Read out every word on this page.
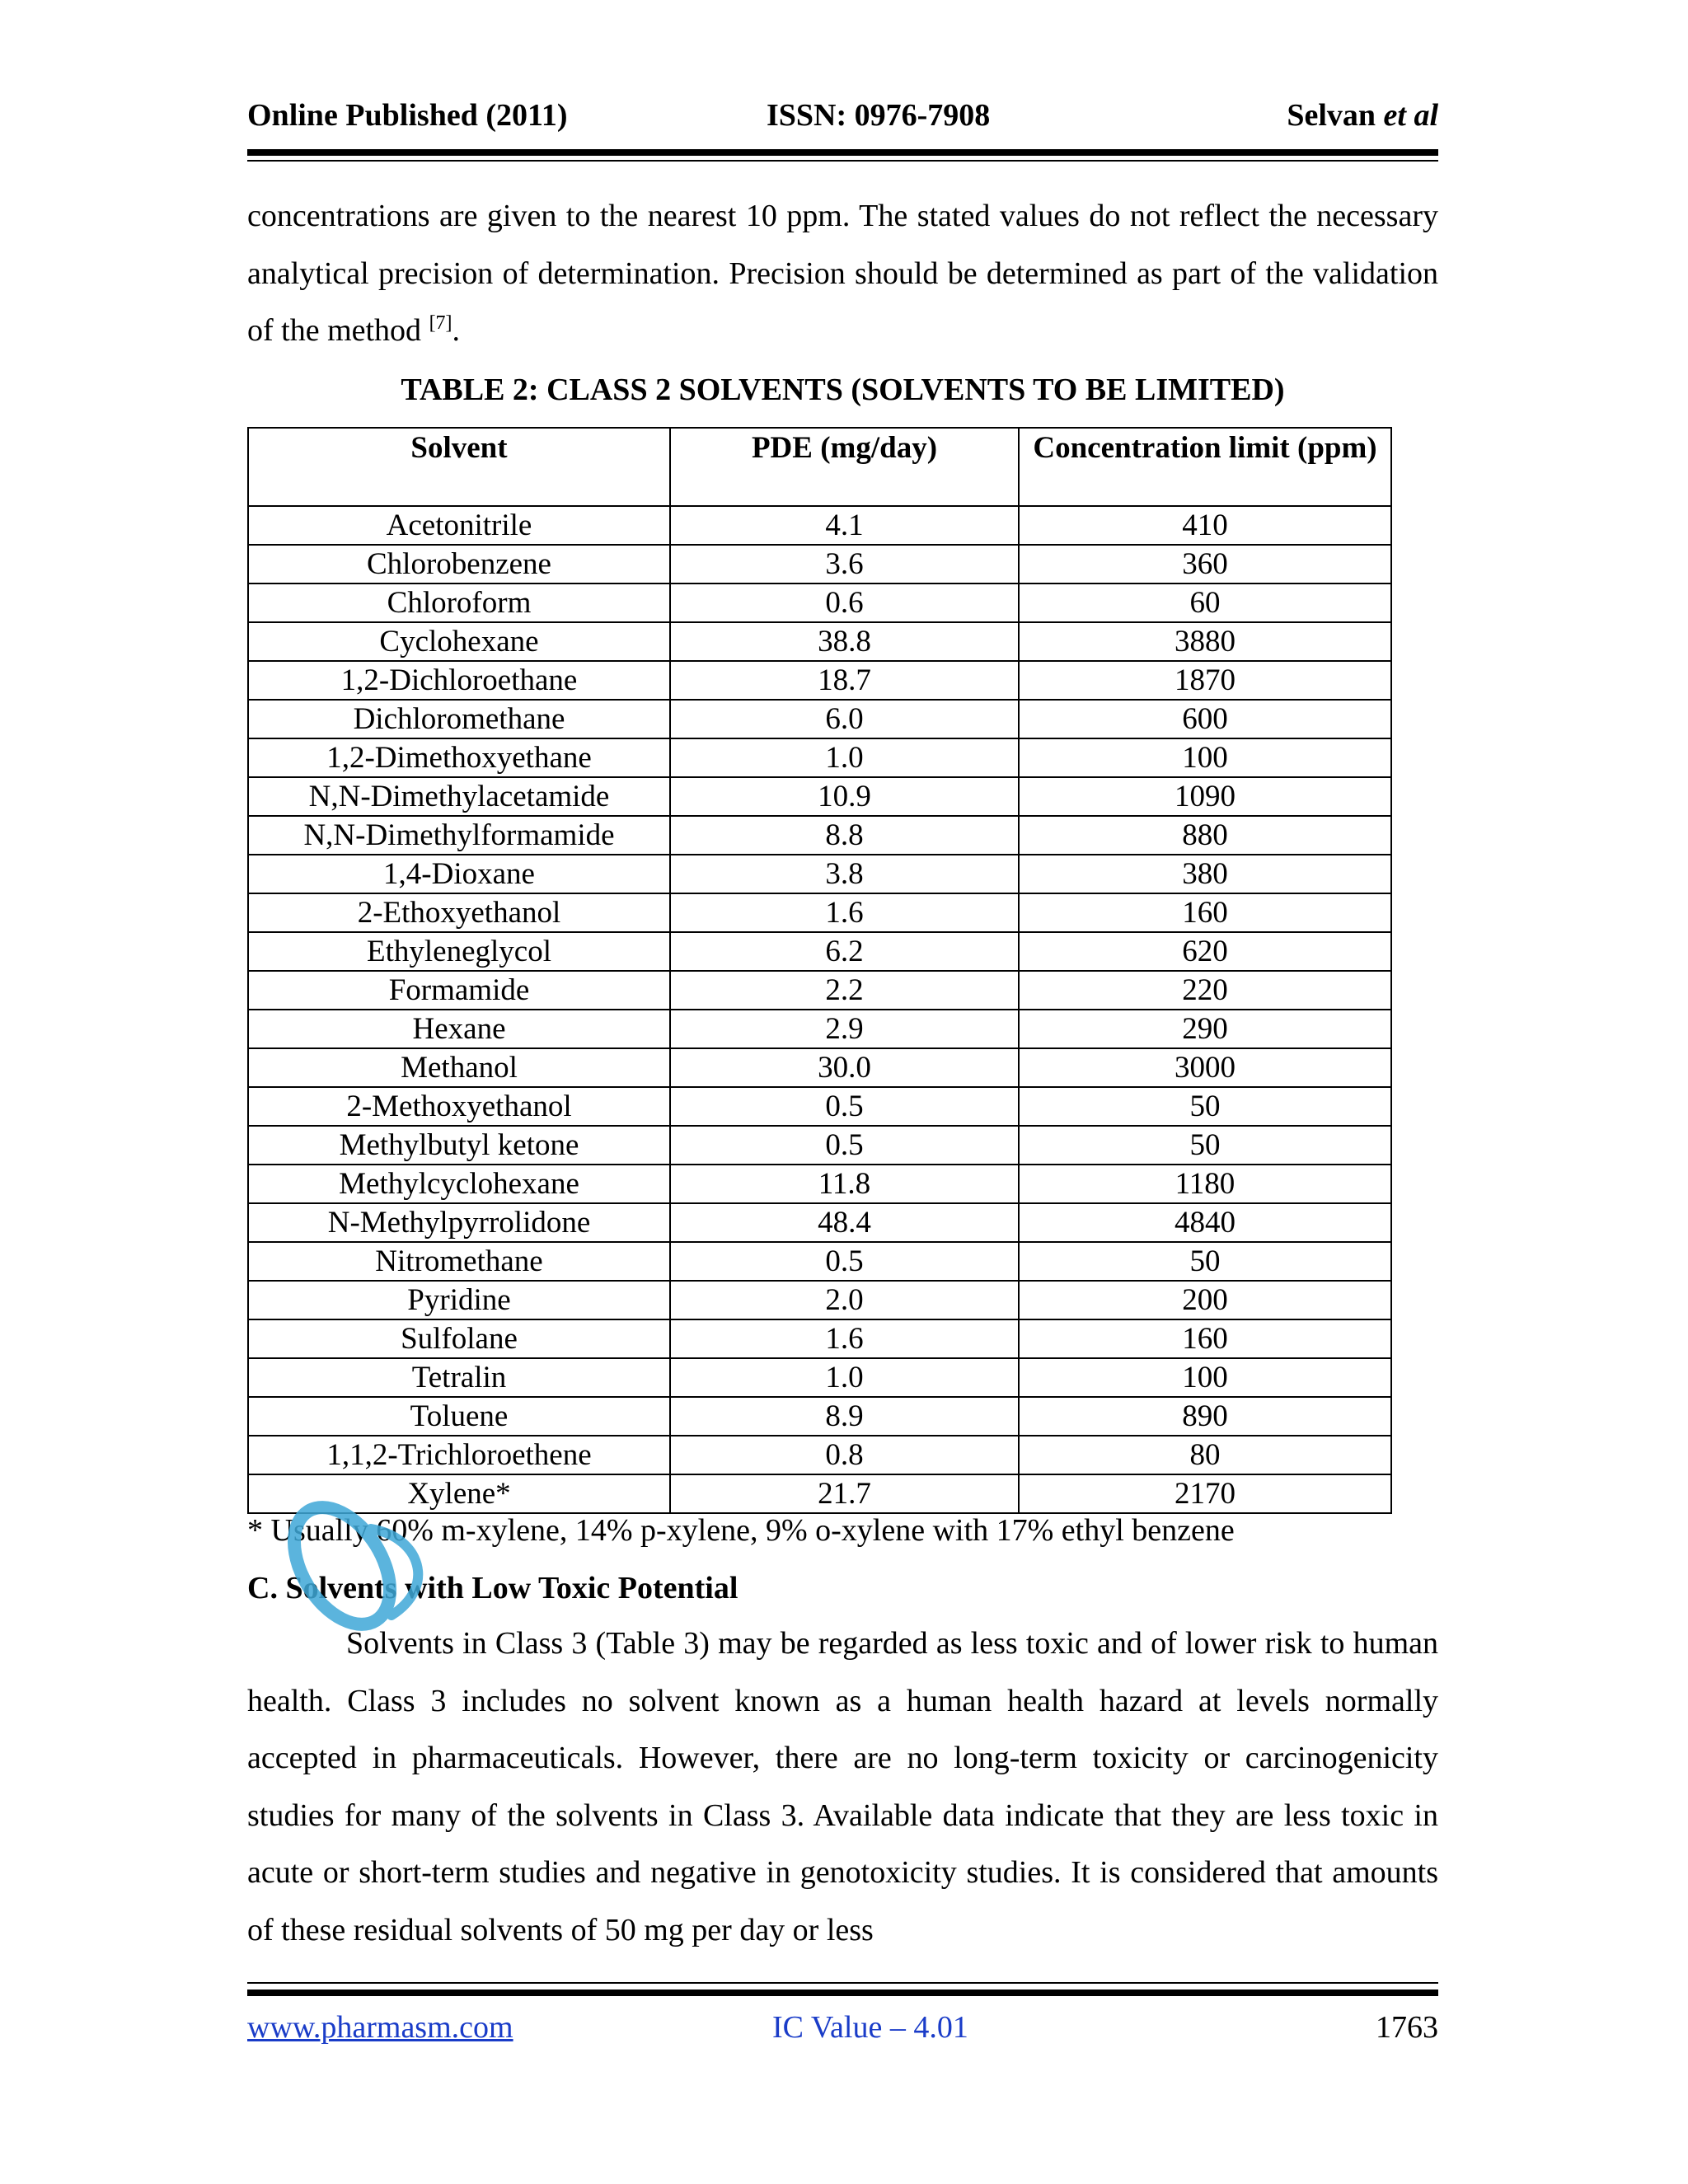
Online Published (2011)	ISSN: 0976-7908	Selvan et al

concentrations are given to the nearest 10 ppm. The stated values do not reflect the necessary analytical precision of determination. Precision should be determined as part of the validation of the method [7].

TABLE 2: CLASS 2 SOLVENTS (SOLVENTS TO BE LIMITED)

Solvent	PDE (mg/day)	Concentration limit (ppm)
Acetonitrile	4.1	410
Chlorobenzene	3.6	360
Chloroform	0.6	60
Cyclohexane	38.8	3880
1,2-Dichloroethane	18.7	1870
Dichloromethane	6.0	600
1,2-Dimethoxyethane	1.0	100
N,N-Dimethylacetamide	10.9	1090
N,N-Dimethylformamide	8.8	880
1,4-Dioxane	3.8	380
2-Ethoxyethanol	1.6	160
Ethyleneglycol	6.2	620
Formamide	2.2	220
Hexane	2.9	290
Methanol	30.0	3000
2-Methoxyethanol	0.5	50
Methylbutyl ketone	0.5	50
Methylcyclohexane	11.8	1180
N-Methylpyrrolidone	48.4	4840
Nitromethane	0.5	50
Pyridine	2.0	200
Sulfolane	1.6	160
Tetralin	1.0	100
Toluene	8.9	890
1,1,2-Trichloroethene	0.8	80
Xylene*	21.7	2170

* Usually 60% m-xylene, 14% p-xylene, 9% o-xylene with 17% ethyl benzene

C. Solvents with Low Toxic Potential

Solvents in Class 3 (Table 3) may be regarded as less toxic and of lower risk to human health. Class 3 includes no solvent known as a human health hazard at levels normally accepted in pharmaceuticals. However, there are no long-term toxicity or carcinogenicity studies for many of the solvents in Class 3. Available data indicate that they are less toxic in acute or short-term studies and negative in genotoxicity studies. It is considered that amounts of these residual solvents of 50 mg per day or less

www.pharmasm.com	IC Value – 4.01	1763
